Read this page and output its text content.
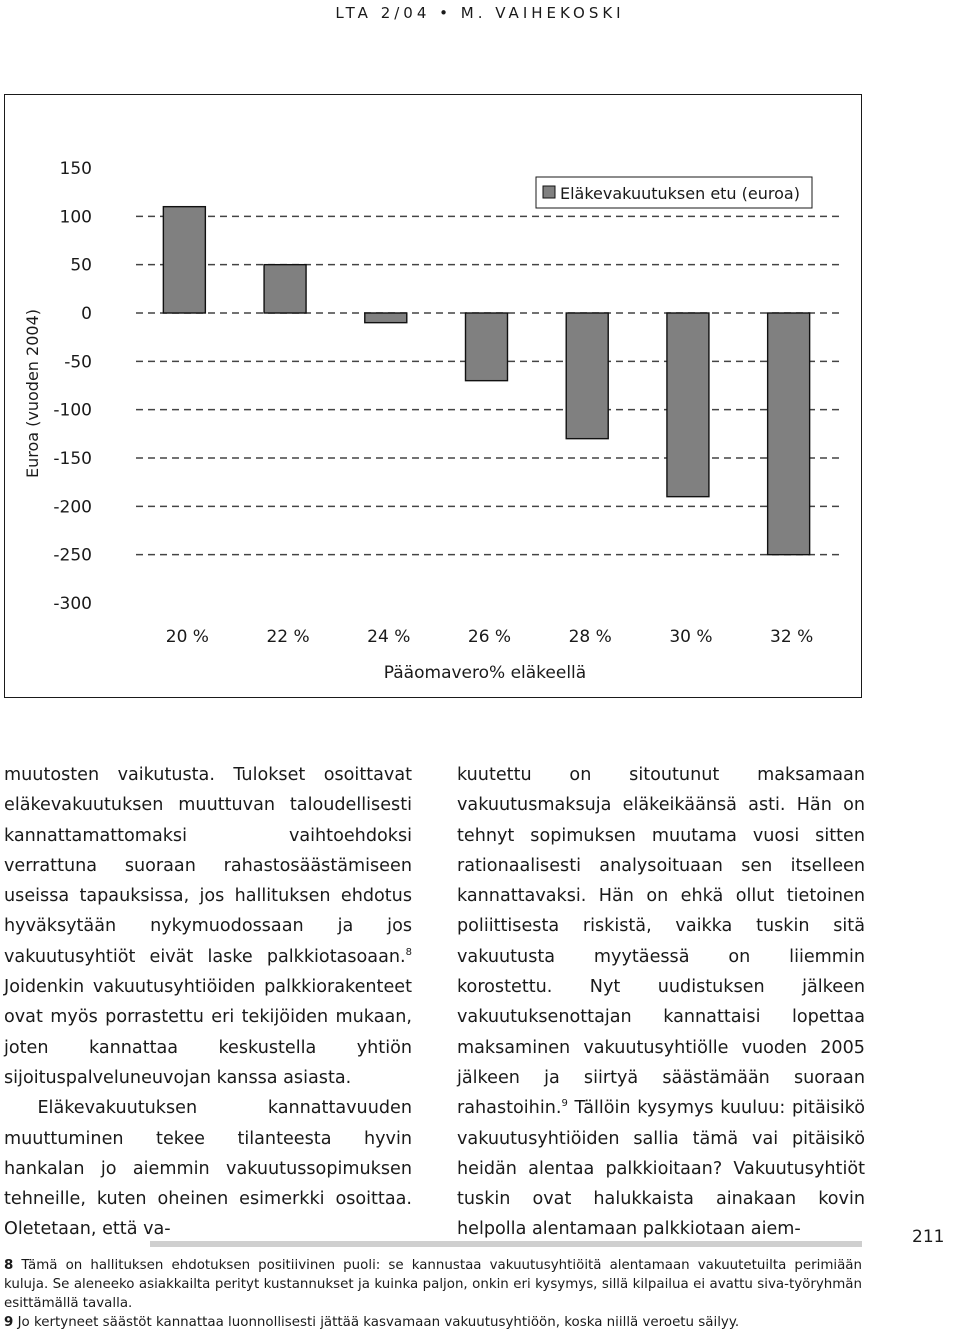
LTA 2/04 • M. VAIHEKOSKI
150
100
50
0
-50
-100
-150
-200
-250
-300
Euroa (vuoden 2004)
20 %	22 %	24 %	26 %	28 %	30 %	32 %
Pääomavero% eläkeellä
Eläkevakuutuksen etu (euroa)

muutosten vaikutusta. Tulokset osoittavat eläkevakuutuksen muuttuvan taloudellisesti kannattamattomaksi vaihtoehdoksi verrattuna suoraan rahastosäästämiseen useissa tapauksissa, jos hallituksen ehdotus hyväksytään nykymuodossaan ja jos vakuutusyhtiöt eivät laske palkkiotasoaan.$^8$ Joidenkin vakuutusyhtiöiden palkkiorakenteet ovat myös porrastettu eri tekijöiden mukaan, joten kannattaa keskustella yhtiön sijoituspalveluneuvojan kanssa asiasta.

Eläkevakuutuksen kannattavuuden muuttuminen tekee tilanteesta hyvin hankalan jo aiemmin vakuutussopimuksen tehneille, kuten oheinen esimerkki osoittaa. Oletetaan, että va-

kuutettu on sitoutunut maksamaan vakuutusmaksuja eläkeikäänsä asti. Hän on tehnyt sopimuksen muutama vuosi sitten rationaalisesti analysoituaan sen itselleen kannattavaksi. Hän on ehkä ollut tietoinen poliittisesta riskistä, vaikka tuskin sitä vakuutusta myytäessä on liiemmin korostettu. Nyt uudistuksen jälkeen vakuutuksenottajan kannattaisi lopettaa maksaminen vakuutusyhtiölle vuoden 2005 jälkeen ja siirtyä säästämään suoraan rahastoihin.$^9$ Tällöin kysymys kuuluu: pitäisikö vakuutusyhtiöiden sallia tämä vai pitäisikö heidän alentaa palkkioitaan? Vakuutusyhtiöt tuskin ovat halukkaista ainakaan kovin helpolla alentamaan palkkiotaan aiem-	211

8 Tämä on hallituksen ehdotuksen positiivinen puoli: se kannustaa vakuutusyhtiöitä alentamaan vakuutetuilta perimiään kuluja. Se aleneeko asiakkailta perityt kustannukset ja kuinka paljon, onkin eri kysymys, sillä kilpailua ei avattu siva-työryhmän esittämällä tavalla.

9 Jo kertyneet säästöt kannattaa luonnollisesti jättää kasvamaan vakuutusyhtiöön, koska niillä veroetu säilyy.
